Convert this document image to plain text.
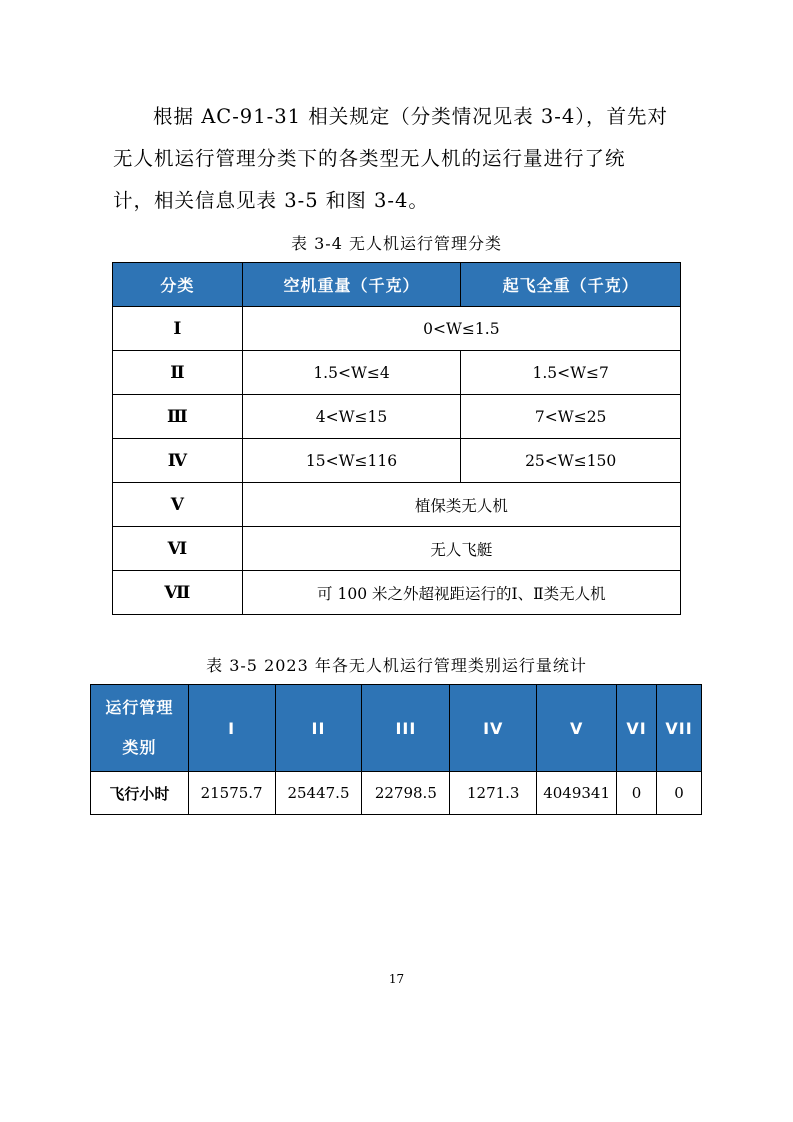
根据 AC-91-31 相关规定（分类情况见表 3-4），首先对
无人机运行管理分类下的各类型无人机的运行量进行了统
计，相关信息见表 3-5 和图 3-4。
表 3-4 无人机运行管理分类
分类	空机重量（千克）	起飞全重（千克）
Ⅰ	0<W≤1.5	
Ⅱ	1.5<W≤4	1.5<W≤7
Ⅲ	4<W≤15	7<W≤25
Ⅳ	15<W≤116	25<W≤150
Ⅴ	植保类无人机	
Ⅵ	无人飞艇	
Ⅶ	可 100 米之外超视距运行的Ⅰ、Ⅱ类无人机	
表 3-5 2023 年各无人机运行管理类别运行量统计
运行管理
类别	I	II	III	IV	V	VI	VII
飞行小时	21575.7	25447.5	22798.5	1271.3	4049341	0	0
17
